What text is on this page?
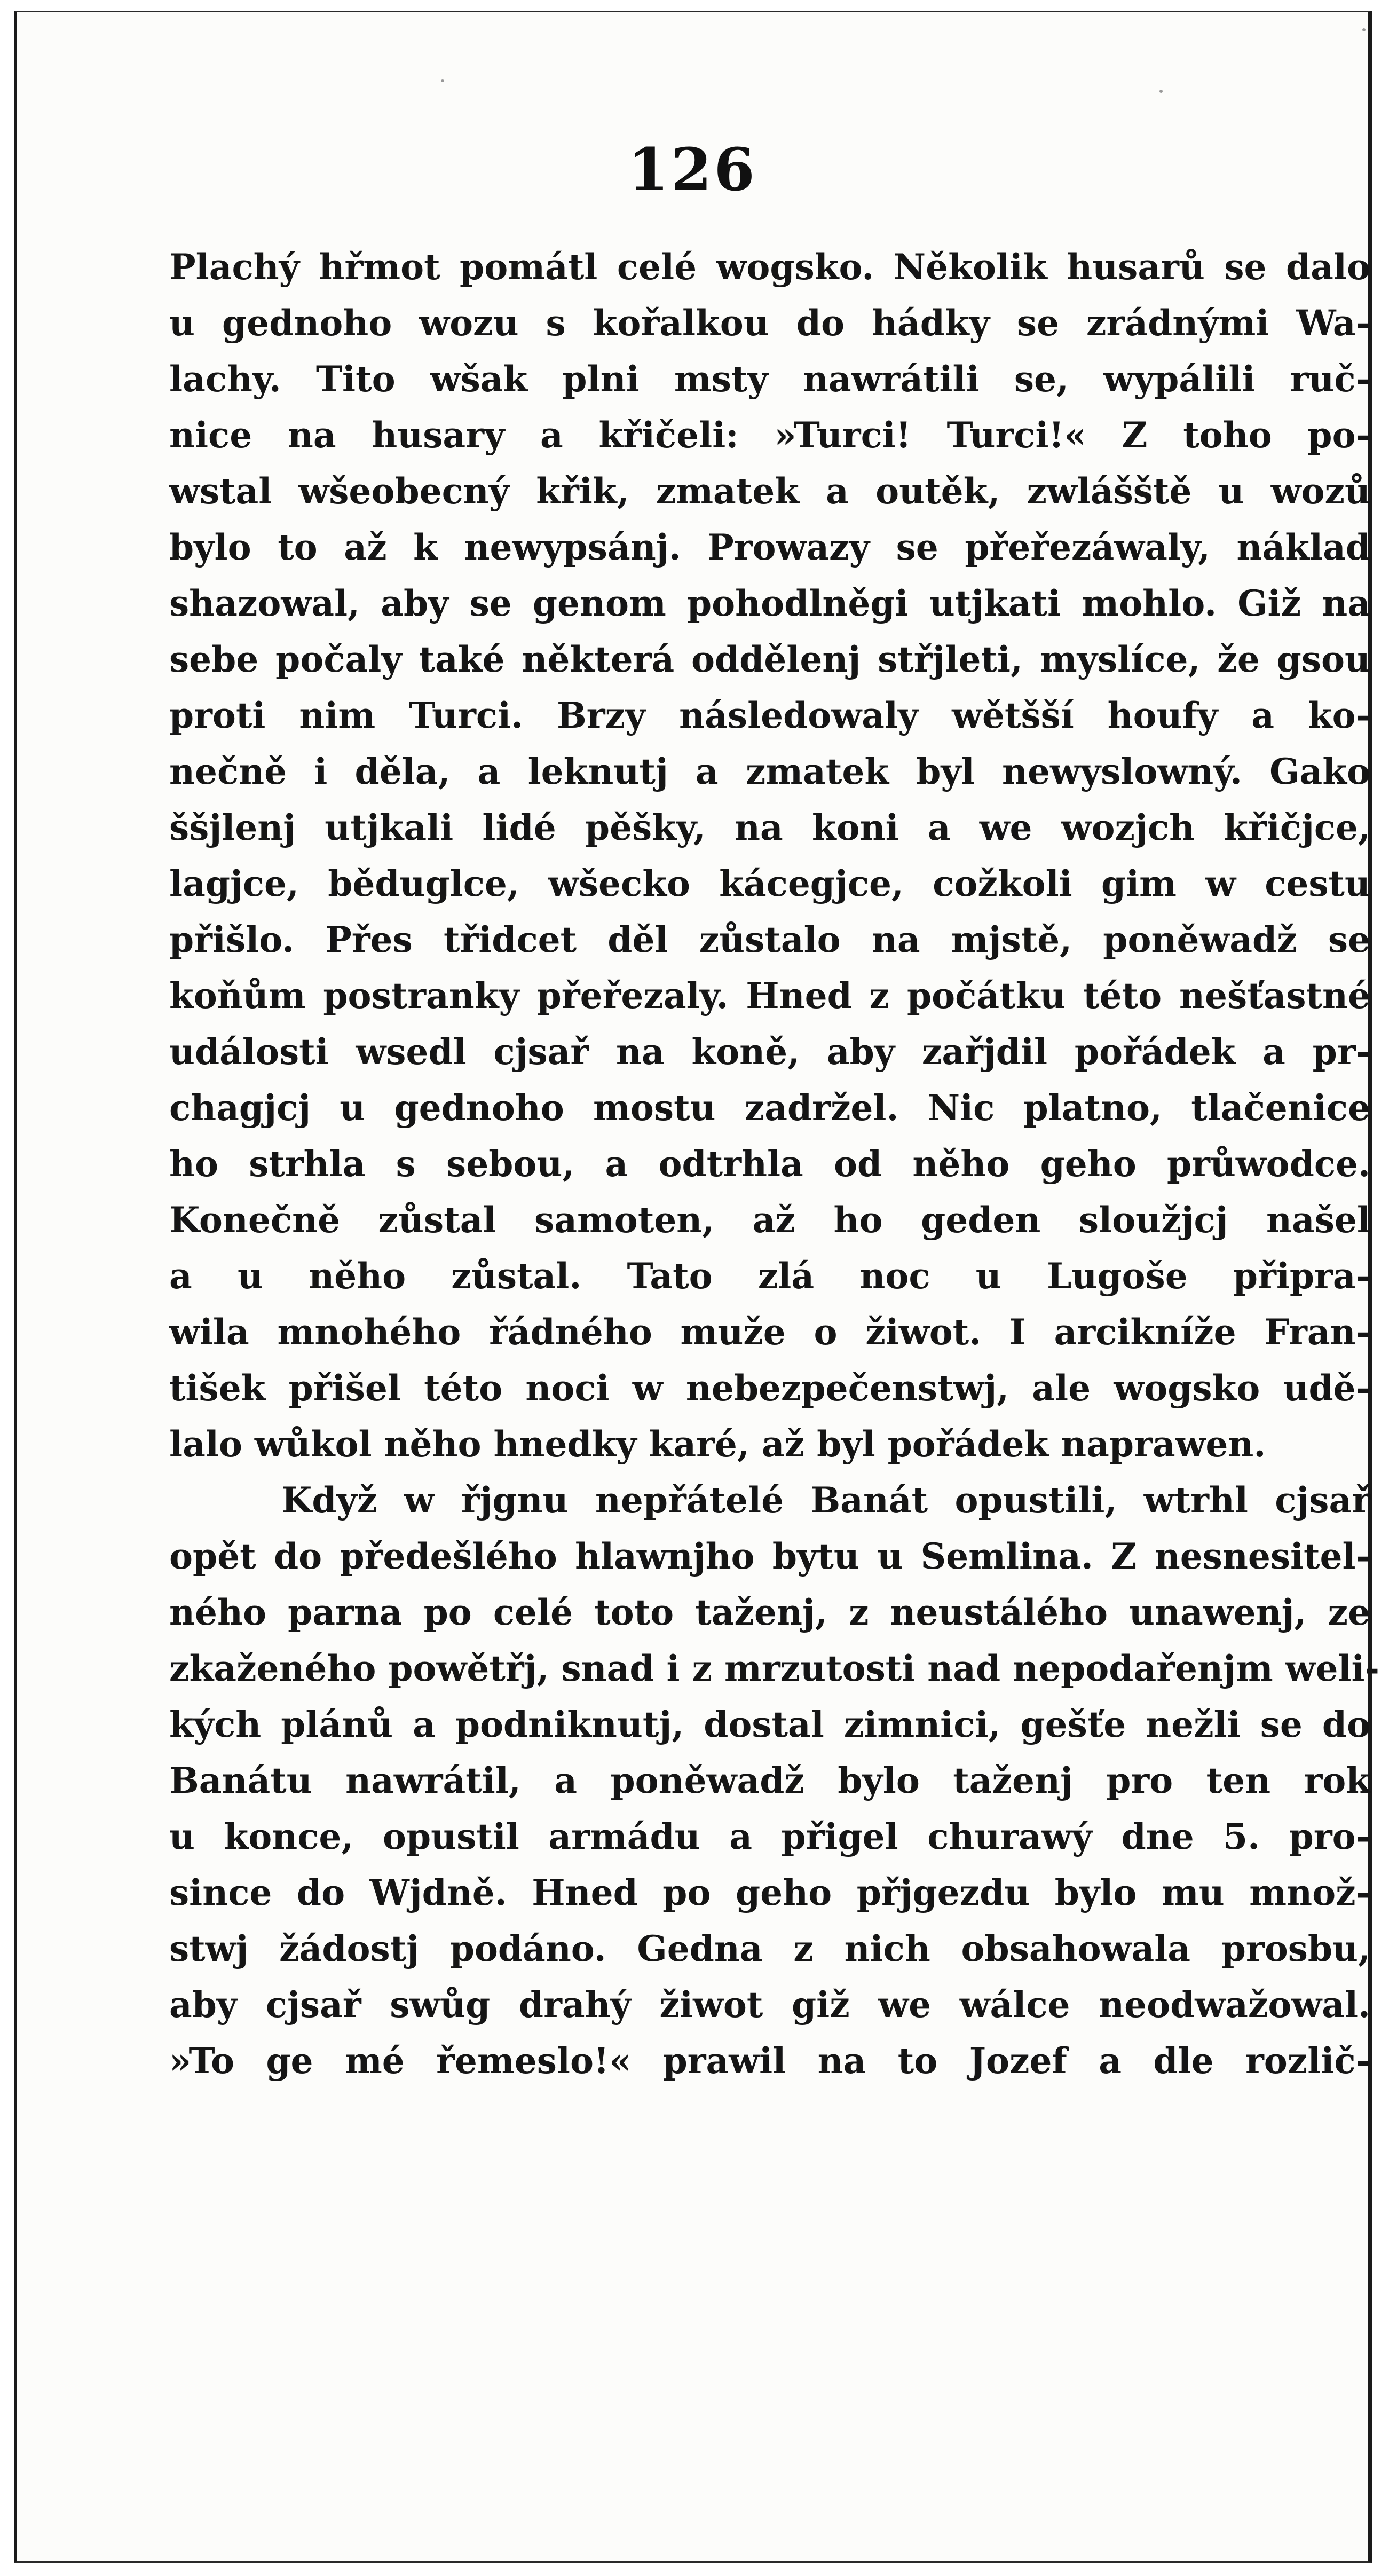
126
Plachý hřmot pomátl celé wogsko. Několik husarů se dalo
u gednoho wozu s kořalkou do hádky se zrádnými Wa-
lachy. Tito wšak plni msty nawrátili se, wypálili ruč-
nice na husary a křičeli: »Turci! Turci!« Z toho po-
wstal wšeobecný křik, zmatek a outěk, zwlášště u wozů
bylo to až k newypsánj. Prowazy se přeřezáwaly, náklad
shazowal, aby se genom pohodlněgi utjkati mohlo. Giž na
sebe počaly také některá oddělenj střjleti, myslíce, že gsou
proti nim Turci. Brzy následowaly wětšší houfy a ko-
nečně i děla, a leknutj a zmatek byl newyslowný. Gako
ššjlenj utjkali lidé pěšky, na koni a we wozjch křičjce,
lagjce, běduglce, wšecko kácegjce, cožkoli gim w cestu
přišlo. Přes třidcet děl zůstalo na mjstě, poněwadž se
koňům postranky přeřezaly. Hned z počátku této nešťastné
události wsedl cjsař na koně, aby zařjdil pořádek a pr-
chagjcj u gednoho mostu zadržel. Nic platno, tlačenice
ho strhla s sebou, a odtrhla od něho geho průwodce.
Konečně zůstal samoten, až ho geden sloužjcj našel
a u něho zůstal. Tato zlá noc u Lugoše připra-
wila mnohého řádného muže o žiwot. I arcikníže Fran-
tišek přišel této noci w nebezpečenstwj, ale wogsko udě-
lalo wůkol něho hnedky karé, až byl pořádek naprawen.
Když w řjgnu nepřátelé Banát opustili, wtrhl cjsař
opět do předešlého hlawnjho bytu u Semlina. Z nesnesitel-
ného parna po celé toto taženj, z neustáléhο unawenj, ze
zkaženého powětřj, snad i z mrzutosti nad nepodařenjm weli-
kých plánů a podniknutj, dostal zimnici, gešťe nežli se do
Banátu nawrátil, a poněwadž bylo taženj pro ten rok
u konce, opustil armádu a přigel churawý dne 5. pro-
since do Wjdně. Hned po geho přjgezdu bylo mu množ-
stwj žádostj podáno. Gedna z nich obsahowala prosbu,
aby cjsař swůg drahý žiwot giž we wálce neodwažowal.
»To ge mé řemeslo!« prawil na to Jozef a dle rozlič-
